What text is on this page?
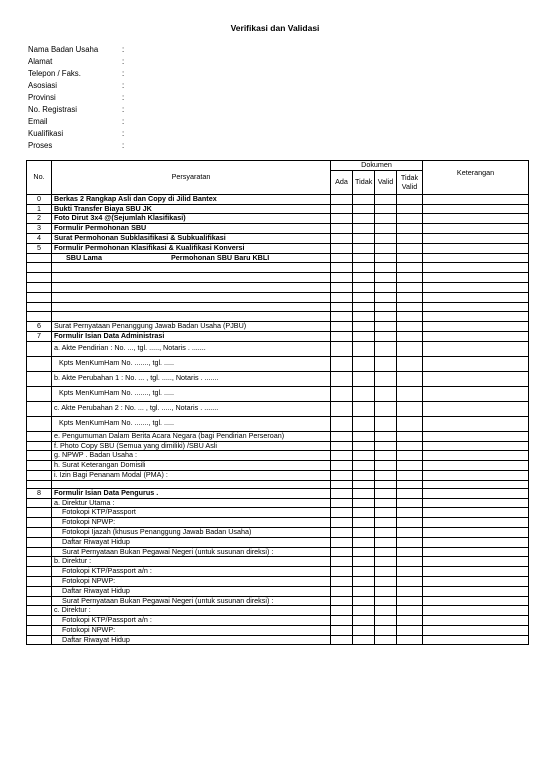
Verifikasi dan Validasi
Nama Badan Usaha	:
Alamat	:
Telepon / Faks.	:
Asosiasi	:
Provinsi	:
No. Registrasi	:
Email	:
Kualifikasi	:
Proses	:
No.	Persyaratan	Dokumen				Keterangan
		Ada	Tidak	Valid	Tidak Valid	
0	Berkas 2 Rangkap Asli dan Copy di Jilid Bantex					
1	Bukti Transfer Biaya SBU JK					
2	Foto Dirut 3x4 @(Sejumlah Klasifikasi)					
3	Formulir Permohonan SBU					
4	Surat Permohonan Subklasifikasi & Subkualifikasi					
5	Formulir Permohonan Klasifikasi & Kualifikasi Konversi					
	SBU Lama Permohonan SBU Baru KBLI					

6	Surat Pernyataan Penanggung Jawab Badan Usaha (PJBU)					
7	Formulir Isian Data Administrasi					
	a. Akte Pendirian : No. ..., tgl. ....., Notaris . .......					
	Kpts MenKumHam No. ......., tgl. .....					
	b. Akte Perubahan 1 : No. ... , tgl. ....., Notaris . .......					
	Kpts MenKumHam No. ......., tgl. .....					
	c. Akte Perubahan 2 : No. ... , tgl. ....., Notaris . .......					
	Kpts MenKumHam No. ......., tgl. .....					
	e. Pengumuman Dalam Berita Acara Negara (bagi Pendirian Perseroan)					
	f. Photo Copy SBU (Semua yang dimiliki) /SBU Asli					
	g. NPWP . Badan Usaha :					
	h. Surat Keterangan Domisili					
	i. Izin Bagi Penanam Modal (PMA) :					

8	Formulir Isian Data Pengurus .					
	a. Direktur Utama :					
	Fotokopi KTP/Passport					
	Fotokopi NPWP:					
	Fotokopi Ijazah (khusus Penanggung Jawab Badan Usaha)					
	Daftar Riwayat Hidup					
	Surat Pernyataan Bukan Pegawai Negeri (untuk susunan direksi) :					
	b. Direktur :					
	Fotokopi KTP/Passport a/n :					
	Fotokopi NPWP:					
	Daftar Riwayat Hidup					
	Surat Pernyataan Bukan Pegawai Negeri (untuk susunan direksi) :					
	c. Direktur :					
	Fotokopi KTP/Passport a/n :					
	Fotokopi NPWP:					
	Daftar Riwayat Hidup					
